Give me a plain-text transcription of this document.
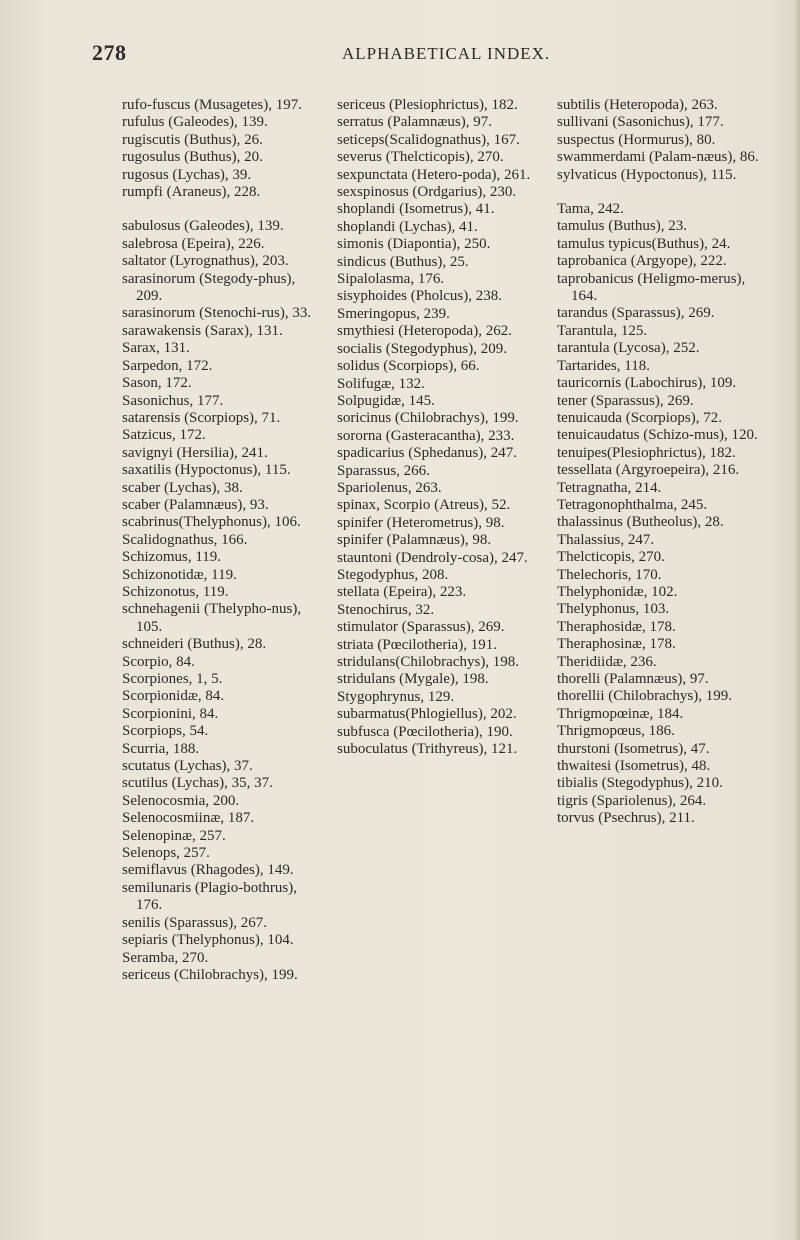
278	ALPHABETICAL INDEX.
rufo-fuscus (Musagetes), 197.
rufulus (Galeodes), 139.
rugiscutis (Buthus), 26.
rugosulus (Buthus), 20.
rugosus (Lychas), 39.
rumpfi (Araneus), 228.
sabulosus (Galeodes), 139.
salebrosa (Epeira), 226.
saltator (Lyrognathus), 203.
sarasinorum (Stegody-phus), 209.
sarasinorum (Stenochi-rus), 33.
sarawakensis (Sarax), 131.
Sarax, 131.
Sarpedon, 172.
Sason, 172.
Sasonichus, 177.
satarensis (Scorpiops), 71.
Satzicus, 172.
savignyi (Hersilia), 241.
saxatilis (Hypoctonus), 115.
scaber (Lychas), 38.
scaber (Palamnæus), 93.
scabrinus(Thelyphonus), 106.
Scalidognathus, 166.
Schizomus, 119.
Schizonotidæ, 119.
Schizonotus, 119.
schnehagenii (Thelypho-nus), 105.
schneideri (Buthus), 28.
Scorpio, 84.
Scorpiones, 1, 5.
Scorpionidæ, 84.
Scorpionini, 84.
Scorpiops, 54.
Scurria, 188.
scutatus (Lychas), 37.
scutilus (Lychas), 35, 37.
Selenocosmia, 200.
Selenocosmiinæ, 187.
Selenopinæ, 257.
Selenops, 257.
semiflavus (Rhagodes), 149.
semilunaris (Plagio-bothrus), 176.
senilis (Sparassus), 267.
sepiaris (Thelyphonus), 104.
Seramba, 270.
sericeus (Chilobrachys), 199.
sericeus (Plesiophrictus), 182.
serratus (Palamnæus), 97.
seticeps(Scalidognathus), 167.
severus (Thelcticopis), 270.
sexpunctata (Hetero-poda), 261.
sexspinosus (Ordgarius), 230.
shoplandi (Isometrus), 41.
shoplandi (Lychas), 41.
simonis (Diapontia), 250.
sindicus (Buthus), 25.
Sipalolasma, 176.
sisyphoides (Pholcus), 238.
Smeringopus, 239.
smythiesi (Heteropoda), 262.
socialis (Stegodyphus), 209.
solidus (Scorpiops), 66.
Solifugæ, 132.
Solpugidæ, 145.
soricinus (Chilobrachys), 199.
sororna (Gasteracantha), 233.
spadicarius (Sphedanus), 247.
Sparassus, 266.
Spariolenus, 263.
spinax, Scorpio (Atreus), 52.
spinifer (Heterometrus), 98.
spinifer (Palamnæus), 98.
stauntoni (Dendroly-cosa), 247.
Stegodyphus, 208.
stellata (Epeira), 223.
Stenochirus, 32.
stimulator (Sparassus), 269.
striata (Pœcilotheria), 191.
stridulans(Chilobrachys), 198.
stridulans (Mygale), 198.
Stygophrynus, 129.
subarmatus(Phlogiellus), 202.
subfusca (Pœcilotheria), 190.
suboculatus (Trithyreus), 121.
subtilis (Heteropoda), 263.
sullivani (Sasonichus), 177.
suspectus (Hormurus), 80.
swammerdami (Palam-næus), 86.
sylvaticus (Hypoctonus), 115.
Tama, 242.
tamulus (Buthus), 23.
tamulus typicus(Buthus), 24.
taprobanica (Argyope), 222.
taprobanicus (Heligmo-merus), 164.
tarandus (Sparassus), 269.
Tarantula, 125.
tarantula (Lycosa), 252.
Tartarides, 118.
tauricornis (Labochirus), 109.
tener (Sparassus), 269.
tenuicauda (Scorpiops), 72.
tenuicaudatus (Schizo-mus), 120.
tenuipes(Plesiophrictus), 182.
tessellata (Argyroepeira), 216.
Tetragnatha, 214.
Tetragonophthalma, 245.
thalassinus (Butheolus), 28.
Thalassius, 247.
Thelcticopis, 270.
Thelechoris, 170.
Thelyphonidæ, 102.
Thelyphonus, 103.
Theraphosidæ, 178.
Theraphosinæ, 178.
Theridiidæ, 236.
thorelli (Palamnæus), 97.
thorellii (Chilobrachys), 199.
Thrigmopœinæ, 184.
Thrigmopœus, 186.
thurstoni (Isometrus), 47.
thwaitesi (Isometrus), 48.
tibialis (Stegodyphus), 210.
tigris (Spariolenus), 264.
torvus (Psechrus), 211.
